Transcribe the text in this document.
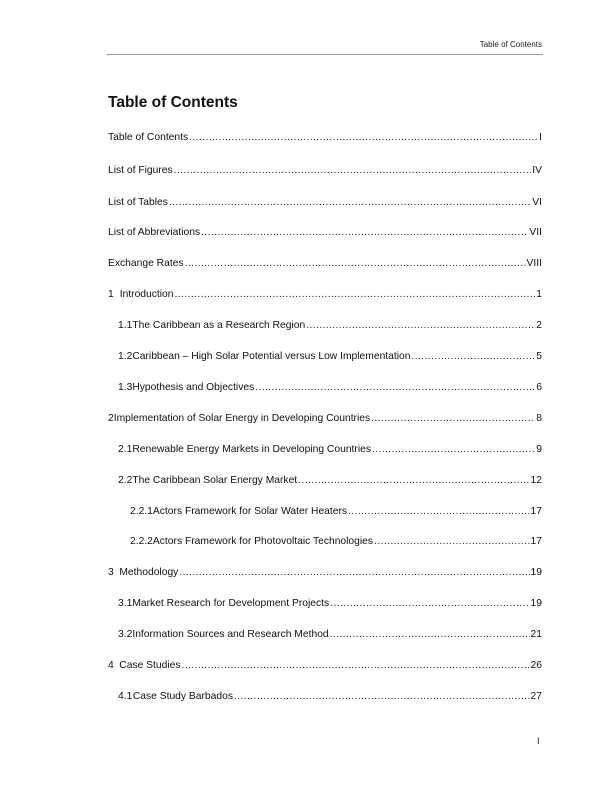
Table of Contents
Table of Contents
Table of Contents .....	I
List of Figures .....	IV
List of Tables .....	VI
List of Abbreviations .....	VII
Exchange Rates .....	VIII
1 Introduction .....	1
1.1 The Caribbean as a Research Region .....	2
1.2 Caribbean – High Solar Potential versus Low Implementation .....	5
1.3 Hypothesis and Objectives .....	6
2 Implementation of Solar Energy in Developing Countries .....	8
2.1 Renewable Energy Markets in Developing Countries .....	9
2.2 The Caribbean Solar Energy Market .....	12
2.2.1 Actors Framework for Solar Water Heaters .....	17
2.2.2 Actors Framework for Photovoltaic Technologies .....	17
3 Methodology .....	19
3.1 Market Research for Development Projects .....	19
3.2 Information Sources and Research Method .....	21
4 Case Studies .....	26
4.1 Case Study Barbados .....	27
I
